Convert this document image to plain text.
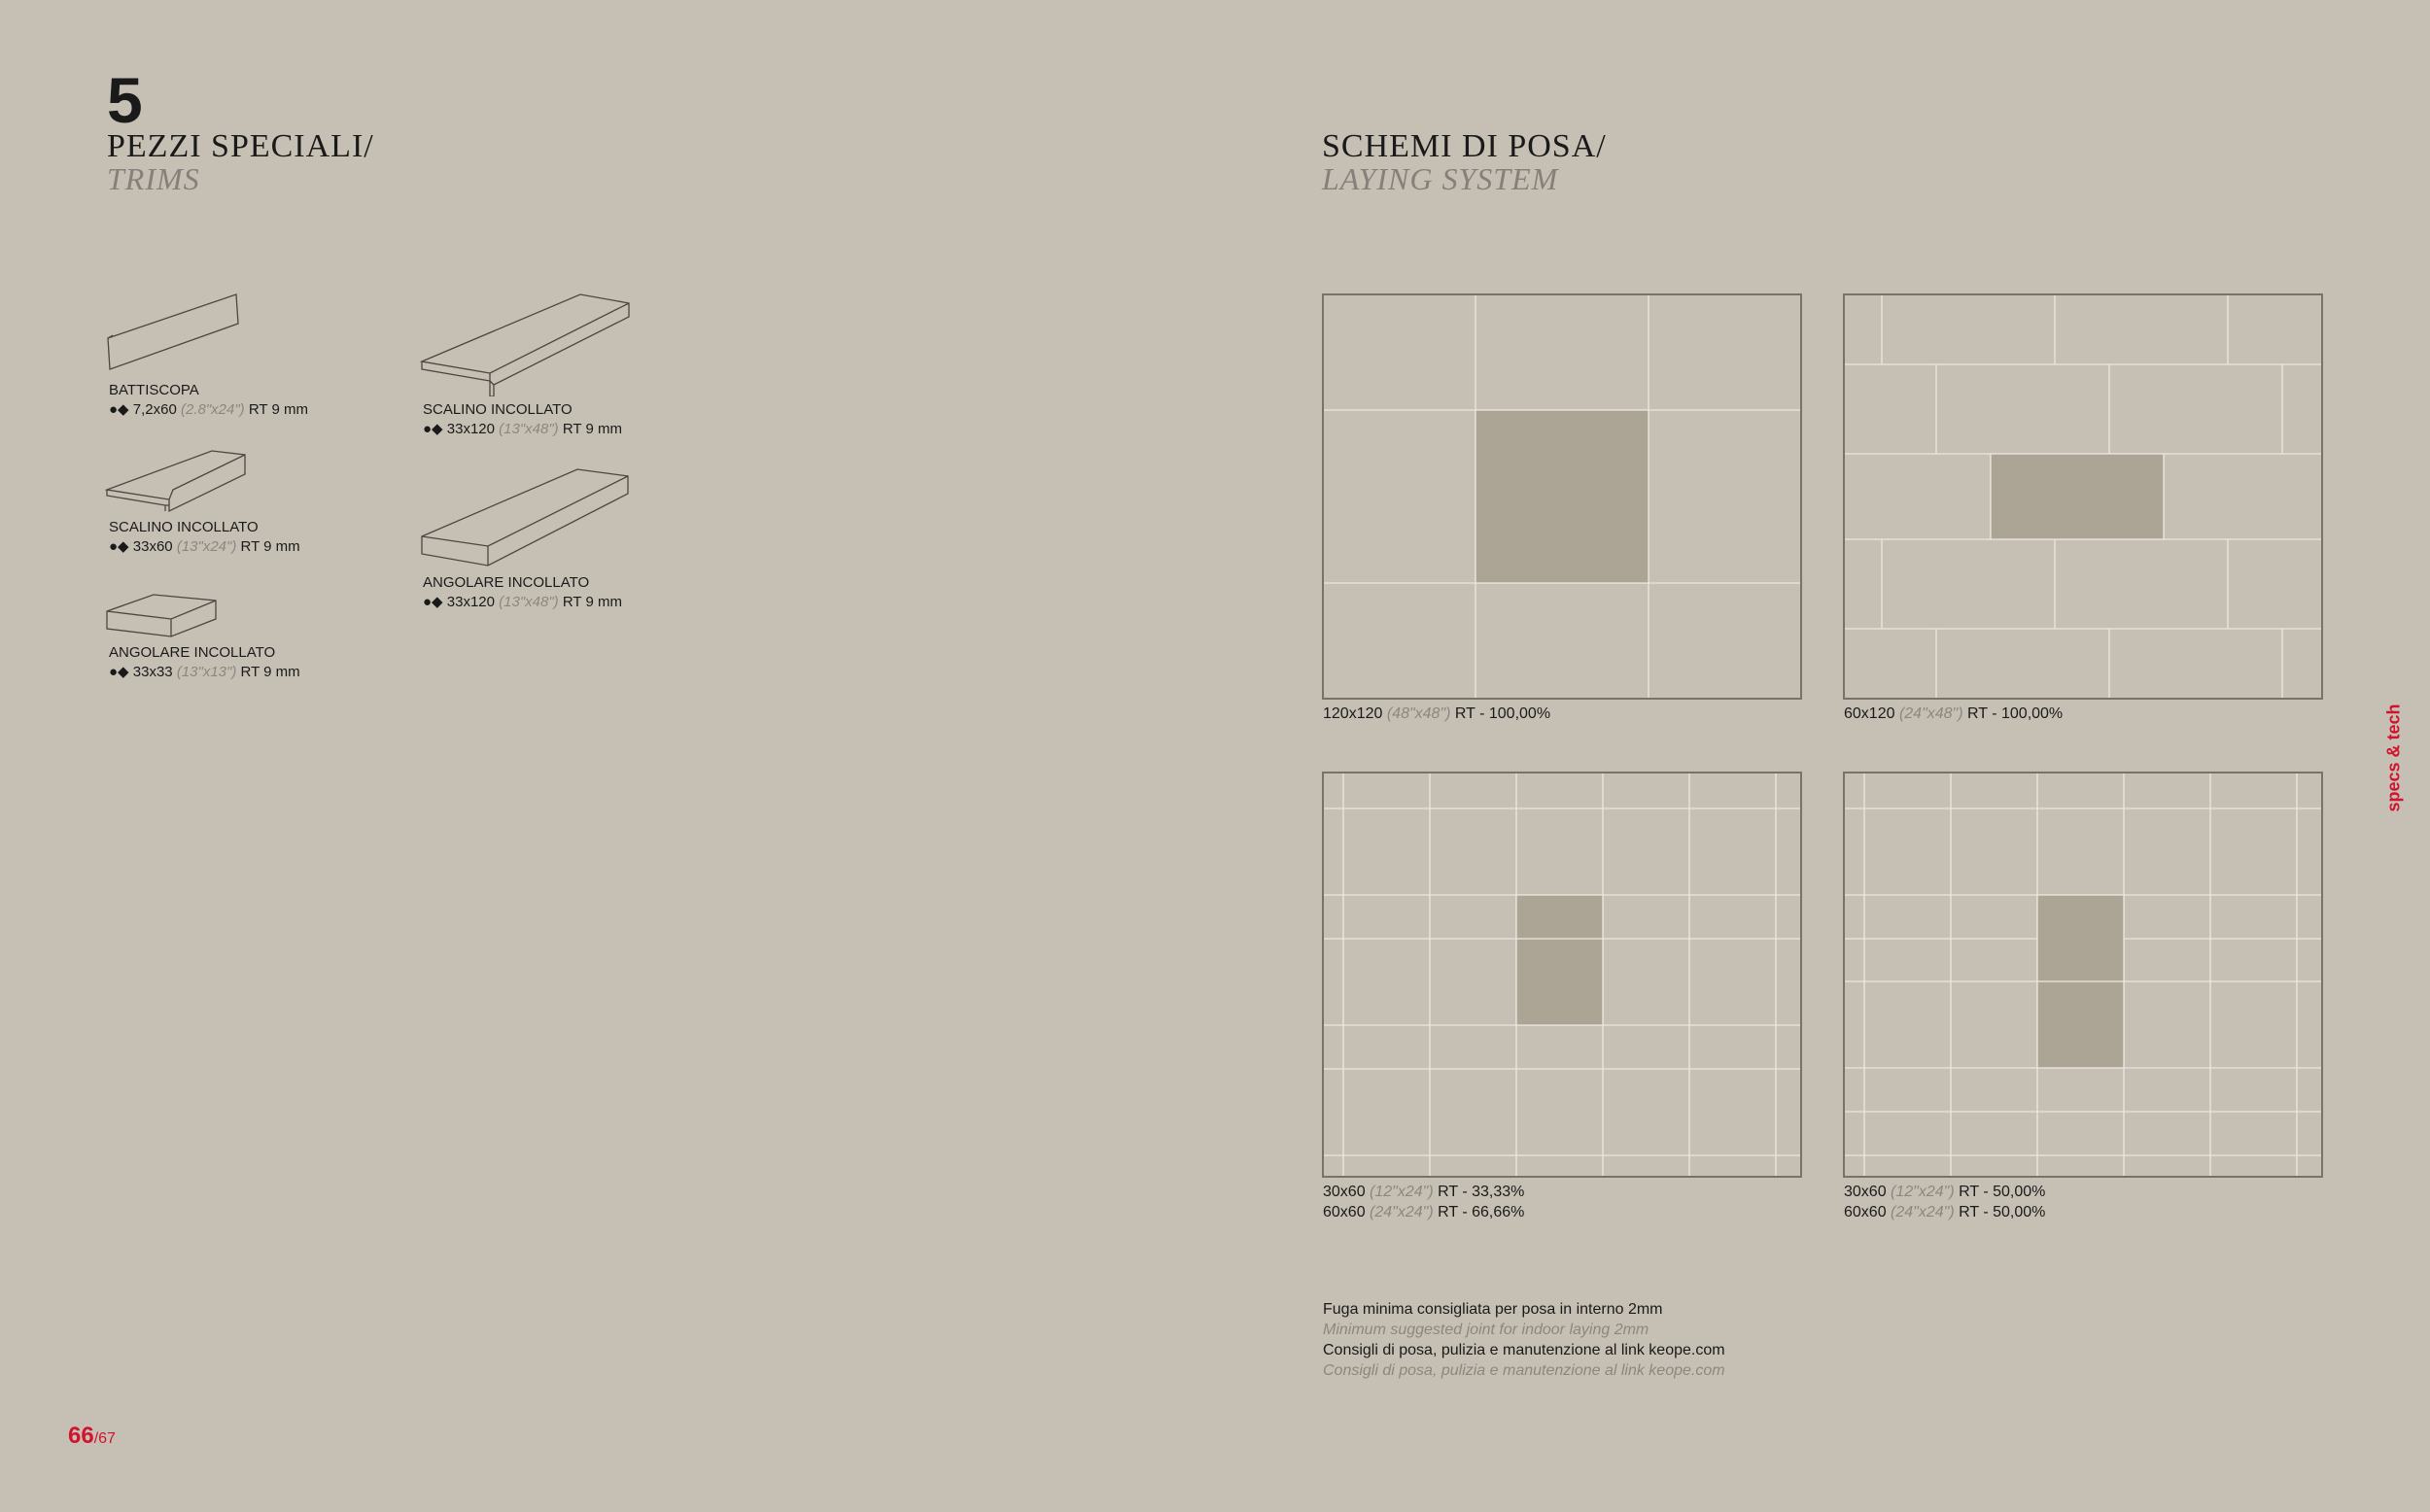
5
PEZZI SPECIALI/
TRIMS
SCHEMI DI POSA/
LAYING SYSTEM
BATTISCOPA
●◆ 7,2x60 (2.8"x24") RT 9 mm
SCALINO INCOLLATO
●◆ 33x60 (13"x24") RT 9 mm
ANGOLARE INCOLLATO
●◆ 33x33 (13"x13") RT 9 mm
SCALINO INCOLLATO
●◆ 33x120 (13"x48") RT 9 mm
ANGOLARE INCOLLATO
●◆ 33x120 (13"x48") RT 9 mm
120x120 (48"x48") RT - 100,00%	60x120 (24"x48") RT - 100,00%
30x60 (12"x24") RT - 33,33%
60x60 (24"x24") RT - 66,66%
30x60 (12"x24") RT - 50,00%
60x60 (24"x24") RT - 50,00%
Fuga minima consigliata per posa in interno 2mm
Minimum suggested joint for indoor laying 2mm
Consigli di posa, pulizia e manutenzione al link keope.com
Consigli di posa, pulizia e manutenzione al link keope.com
specs & tech
66/67
